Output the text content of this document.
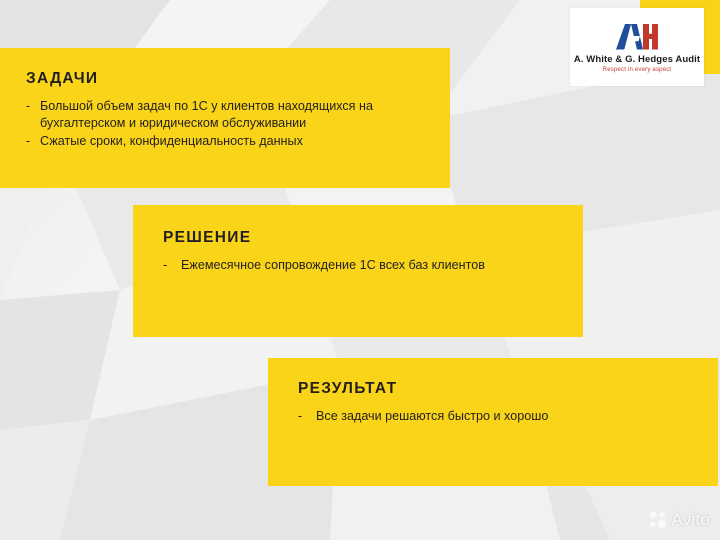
A. White & G. Hedges Audit
Respect in every aspect
ЗАДАЧИ
- Большой объем задач по 1С у клиентов находящихся на бухгалтерском и юридическом обслуживании
- Сжатые сроки, конфиденциальность данных
РЕШЕНИЕ
-	Ежемесячное сопровождение 1С всех баз клиентов
РЕЗУЛЬТАТ
-	Все задачи решаются быстро и хорошо
Avito
